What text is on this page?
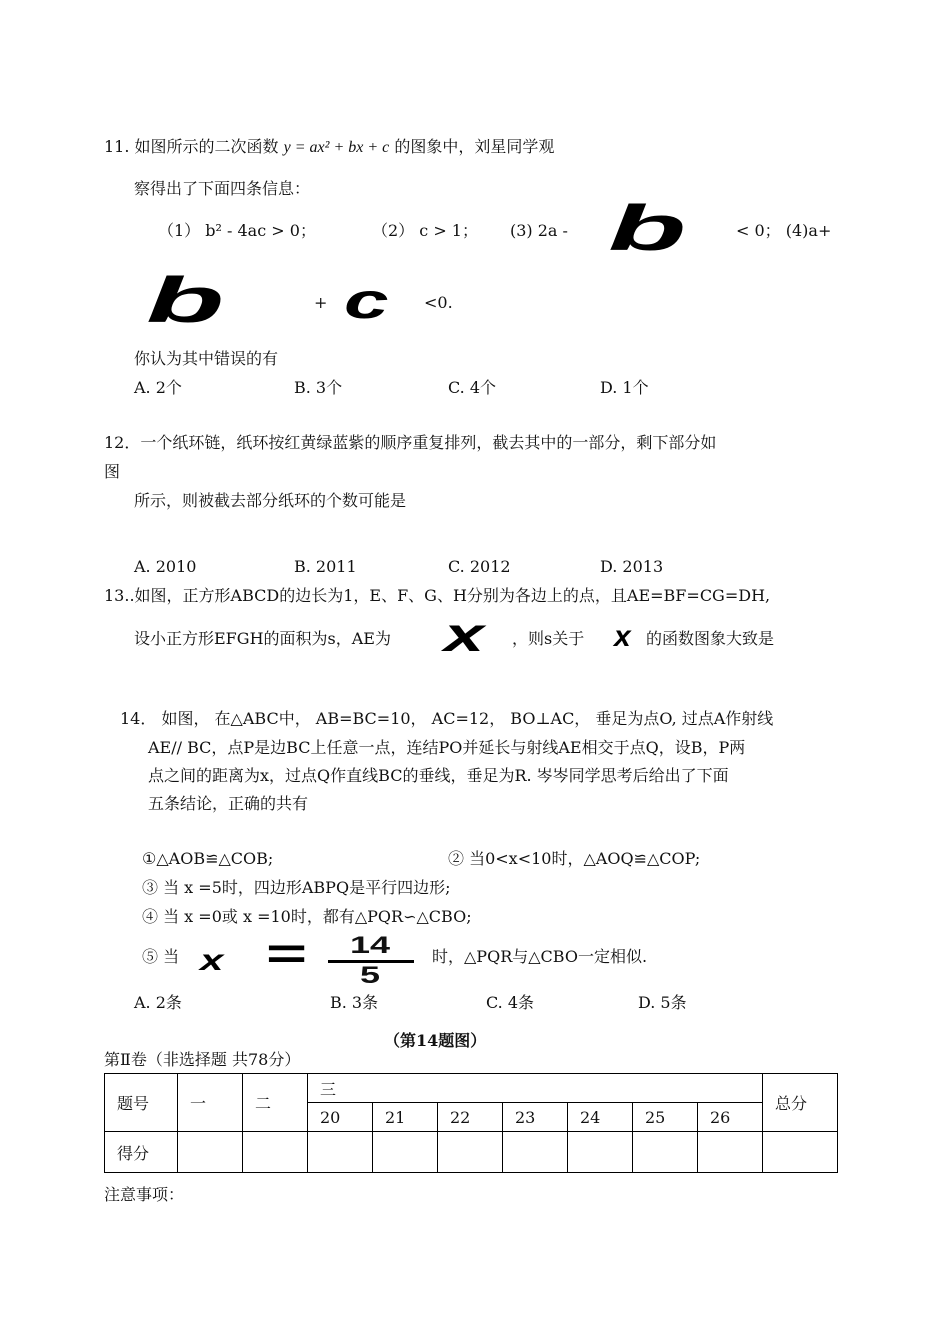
11. 如图所示的二次函数 y = ax² + bx + c 的图象中，刘星同学观
察得出了下面四条信息：
（1） b² - 4ac > 0；	（2） c > 1； (3) 2a - b	< 0； (4)a+
b	+ c <0.
你认为其中错误的有
A. 2个	B. 3个	C. 4个	D. 1个
12．一个纸环链，纸环按红黄绿蓝紫的顺序重复排列，截去其中的一部分，剩下部分如
图
所示，则被截去部分纸环的个数可能是
A. 2010	B. 2011	C. 2012	D. 2013
13..如图，正方形ABCD的边长为1，E、F、G、H分别为各边上的点，且AE=BF=CG=DH,
设小正方形EFGH的面积为s，AE为 x ，则s关于 x 的函数图象大致是
14． 如图， 在△ABC中， AB=BC=10， AC=12， BO⊥AC， 垂足为点O, 过点A作射线
AE// BC，点P是边BC上任意一点，连结PO并延长与射线AE相交于点Q，设B，P两
点之间的距离为x，过点Q作直线BC的垂线，垂足为R. 岑岑同学思考后给出了下面
五条结论，正确的共有
①△AOB≌△COB;	② 当0<x<10时，△AOQ≌△COP;
③ 当 x =5时，四边形ABPQ是平行四边形;
④ 当 x =0或 x =10时，都有△PQR∽△CBO;
⑤ 当 x =	14
5
时，△PQR与△CBO一定相似.
A. 2条	B. 3条	C. 4条	D. 5条
（第14题图）
第Ⅱ卷（非选择题 共78分）
题号	一	二	三							总分
			20	21	22	23	24	25	26	
得分										
注意事项：
